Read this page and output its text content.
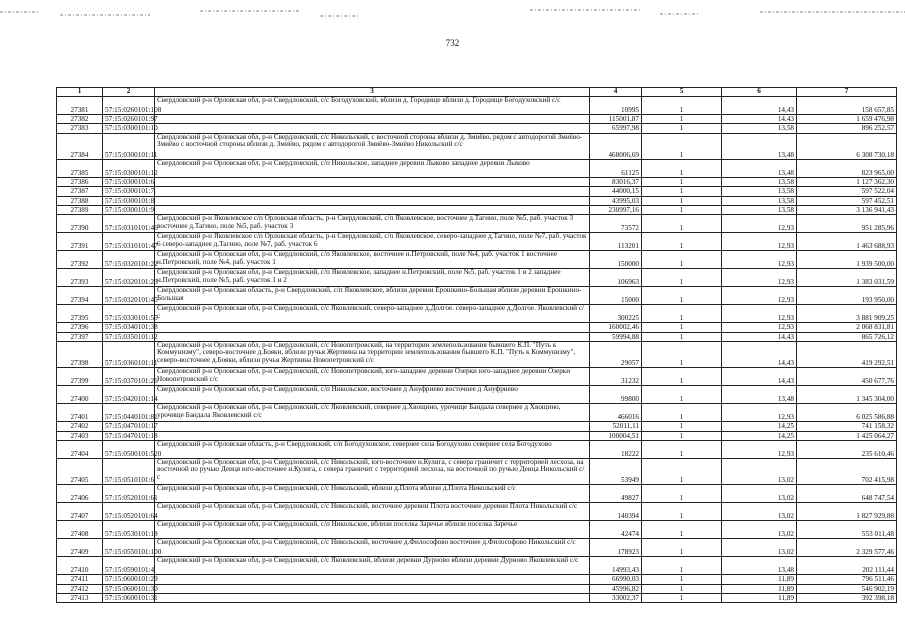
732
1	2	3	4	5	6	7
27381	57:15:0260101:108	Свердловский р-н Орловская обл, р-н Свердловский, с/с Богодуховский, вблизи д. Городище вблизи д. Городище Богодуховский с/с	10995	1	14,43	158 657,85
27382	57:15:0260101:97		115001,87	1	14,43	1 659 476,98
27383	57:15:0300101:10		65997,98	1	13,58	896 252,57
27384	57:15:0300101:11	Свердловский р-н Орловская обл, р-н Свердловский, с/с Никольский, с восточной стороны вблизи д. Змиёво, рядом с автодорогой Змиёво-Змиёво с восточной стороны вблизи д. Змиёво, рядом с автодорогой Змиёво-Змиёво Никольский с/с	468006,69	1	13,48	6 308 730,18
27385	57:15:0300101:12	Свердловский р-н Орловская обл, р-н Свердловский, с/п Никольское, западнее деревни Лыково западнее деревни Лыково	61125	1	13,48	823 965,00
27386	57:15:0300101:6		83016,37	1	13,58	1 127 362,30
27387	57:15:0300101:7		44000,15	1	13,58	597 522,04
27388	57:15:0300101:8		43995,03	1	13,58	597 452,51
27389	57:15:0300101:9		230997,16	1	13,58	3 136 941,43
27390	57:15:0310101:46	Свердловский р-н Яковлевское с/п Орловская область, р-н Свердловский, с/п Яковлевское, восточнее д.Тагино, поле №5, раб. участок 3 восточнее д.Тагино, поле №5, раб. участок 3	73572	1	12,93	951 285,96
27391	57:15:0310101:47	Свердловский р-н Яковлевское с/п Орловская область, р-н Свердловский, с/п Яковлевское, северо-западнее д.Тагино, поле №7, раб. участок 6 северо-западнее д.Тагино, поле №7, раб. участок 6	113201	1	12,93	1 463 688,93
27392	57:15:0320101:22	Свердловский р-н Орловская обл, р-н Свердловский, с/п Яковлевское, восточнее н.Петровский, поле №4, раб. участок 1 восточнее н.Петровский, поле №4, раб. участок 1	150000	1	12,93	1 939 500,00
27393	57:15:0320101:23	Свердловский р-н Орловская обл, р-н Свердловский, с/п Яковлевское, западнее н.Петровский, поле №5, раб. участок 1 и 2 западнее н.Петровский, поле №5, раб. участок 1 и 2	106963	1	12,93	1 383 031,59
27394	57:15:0320101:45	Свердловский р-н Орловская область, р-н Свердловский, с/п Яковлевское, вблизи деревни Ерошкино-Большая вблизи деревни Ерошкино-Большая	15000	1	12,93	193 950,00
27395	57:15:0330101:55	Свердловский р-н Орловская обл, р-н Свердловский, с/с Яковлевский, северо-западнее д.Долгое. северо-западнее д.Долгое. Яковлевский с/с	300225	1	12,93	3 881 909,25
27396	57:15:0340101:38		160002,46	1	12,93	2 068 831,81
27397	57:15:0350101:12		59994,88	1	14,43	865 726,12
27398	57:15:0360101:11	Свердловский р-н Орловская обл, р-н Свердловский, с/с Новопетровский, на территории землепользования бывшего К.П. "Путь к Коммунизму", северо-восточнее д.Бояки, вблизи ручья Жертвина на территории землепользования бывшего К.П. "Путь к Коммунизму", северо-восточнее д.Бояки, вблизи ручья Жертвина Новопетровский с/с	29057	1	14,43	419 292,51
27399	57:15:0370101:26	Свердловский р-н Орловская обл, р-н Свердловский, с/с Новопетровский, юго-западнее деревни Озерки юго-западнее деревни Озерки Новопетровский с/с	31232	1	14,43	450 677,76
27400	57:15:0420101:14	Свердловский р-н Орловская обл, р-н Свердловский, с/п Никольское, восточнее д Ануфриево восточнее д Ануфриево	99800	1	13,48	1 345 304,00
27401	57:15:0440101:81	Свердловский р-н Орловская обл, р-н Свердловский, с/с Яковлевский, севернее д.Хвощино, урочище Бандала севернее д Хвощино, урочище Бандала Яковлевский с/с	466016	1	12,93	6 025 586,88
27402	57:15:0470101:17		52011,11	1	14,25	741 158,32
27403	57:15:0470101:18		100004,51	1	14,25	1 425 064,27
27404	57:15:0500101:520	Свердловский р-н Орловская область, р-н Свердловский, с/п Богодуховское, севернее села Богодухово севернее села Богодухово	18222	1	12,93	235 610,46
27405	57:15:0510101:6	Свердловский р-н Орловская обл, р-н Свердловский, с/с Никольский, юго-восточнее н.Кулига, с севера граничит с территорией лесхоза, на восточной по ручью Деиця юго-восточнее н.Кулига, с севера граничит с территорией лесхоза, на восточной по ручью Деица Никольский с/с	53949	1	13,02	702 415,98
27406	57:15:0520101:61	Свердловский р-н Орловская обл, р-н Свердловский, с/с Никольский, вблизи д.Плота вблизи д.Плота Никольский с/с	49827	1	13,02	648 747,54
27407	57:15:0520101:64	Свердловский р-н Орловская обл, р-н Свердловский, с/с Никольский, восточнее деревни Плота восточнее деревни Плота Никольский с/с	140394	1	13,02	1 827 929,88
27408	57:15:0530101:18	Свердловский р-н Орловская обл, р-н Свердловский, с/п Никольское, вблизи поселка Заречье вблизи поселка Заречье	42474	1	13,02	553 011,48
27409	57:15:0550101:100	Свердловский р-н Орловская обл, р-н Свердловский, с/с Никольский, восточнее д.Философово восточнее д.Философово Никольский с/с	178923	1	13,02	2 329 577,46
27410	57:15:0590101:4	Свердловский р-н Орловская обл, р-н Свердловский, с/с Яковлевский, вблизи деревни Дурново вблизи деревни Дурново Яковлевский с/с	14993,43	1	13,48	202 111,44
27411	57:15:0600101:29		66990,03	1	11,89	796 511,46
27412	57:15:0600101:30		45996,82	1	11,89	546 902,19
27413	57:15:0600101:31		33002,37	1	11,89	392 398,18
